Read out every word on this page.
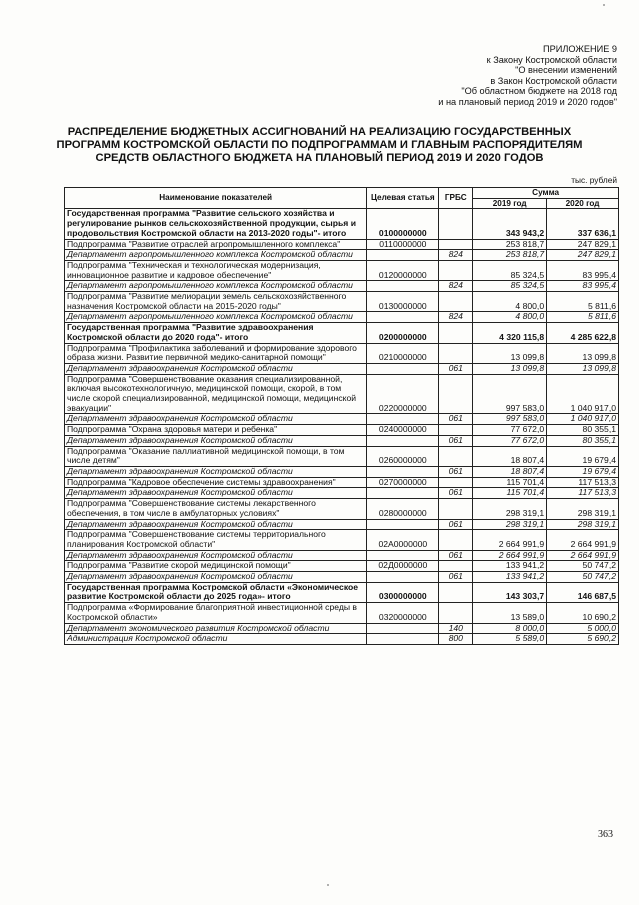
ПРИЛОЖЕНИЕ 9
к Закону Костромской области
"О внесении изменений
в Закон Костромской области
"Об областном бюджете на 2018 год
и на плановый период 2019 и 2020 годов"
РАСПРЕДЕЛЕНИЕ БЮДЖЕТНЫХ АССИГНОВАНИЙ НА РЕАЛИЗАЦИЮ ГОСУДАРСТВЕННЫХ ПРОГРАММ КОСТРОМСКОЙ ОБЛАСТИ ПО ПОДПРОГРАММАМ И ГЛАВНЫМ РАСПОРЯДИТЕЛЯМ СРЕДСТВ ОБЛАСТНОГО БЮДЖЕТА НА ПЛАНОВЫЙ ПЕРИОД 2019 И 2020 ГОДОВ
тыс. рублей
Наименование показателей	Целевая статья	ГРБС	Сумма	
			2019 год	2020 год
Государственная программа "Развитие сельского хозяйства и регулирование рынков сельскохозяйственной продукции, сырья и продовольствия Костромской области на 2013-2020 годы"- итого	0100000000		343 943,2	337 636,1
Подпрограмма "Развитие отраслей агропромышленного комплекса"	0110000000		253 818,7	247 829,1
Департамент агропромышленного комплекса Костромской области		824	253 818,7	247 829,1
Подпрограмма "Техническая и технологическая модернизация, инновационное развитие и кадровое обеспечение"	0120000000		85 324,5	83 995,4
Департамент агропромышленного комплекса Костромской области		824	85 324,5	83 995,4
Подпрограмма "Развитие мелиорации земель сельскохозяйственного назначения Костромской области на 2015-2020 годы"	0130000000		4 800,0	5 811,6
Департамент агропромышленного комплекса Костромской области		824	4 800,0	5 811,6
Государственная программа "Развитие здравоохранения Костромской области до 2020 года"- итого	0200000000		4 320 115,8	4 285 622,8
Подпрограмма "Профилактика заболеваний и формирование здорового образа жизни. Развитие первичной медико-санитарной помощи"	0210000000		13 099,8	13 099,8
Департамент здравоохранения Костромской области		061	13 099,8	13 099,8
Подпрограмма "Совершенствование оказания специализированной, включая высокотехнологичную, медицинской помощи, скорой, в том числе скорой специализированной, медицинской помощи, медицинской эвакуации"	0220000000		997 583,0	1 040 917,0
Департамент здравоохранения Костромской области		061	997 583,0	1 040 917,0
Подпрограмма "Охрана здоровья матери и ребенка"	0240000000		77 672,0	80 355,1
Департамент здравоохранения Костромской области		061	77 672,0	80 355,1
Подпрограмма "Оказание паллиативной медицинской помощи, в том числе детям"	0260000000		18 807,4	19 679,4
Департамент здравоохранения Костромской области		061	18 807,4	19 679,4
Подпрограмма "Кадровое обеспечение системы здравоохранения"	0270000000		115 701,4	117 513,3
Департамент здравоохранения Костромской области		061	115 701,4	117 513,3
Подпрограмма "Совершенствование системы лекарственного обеспечения, в том числе в амбулаторных условиях"	0280000000		298 319,1	298 319,1
Департамент здравоохранения Костромской области		061	298 319,1	298 319,1
Подпрограмма "Совершенствование системы территориального планирования Костромской области"	02А0000000		2 664 991,9	2 664 991,9
Департамент здравоохранения Костромской области		061	2 664 991,9	2 664 991,9
Подпрограмма "Развитие скорой медицинской помощи"	02Д0000000		133 941,2	50 747,2
Департамент здравоохранения Костромской области		061	133 941,2	50 747,2
Государственная программа Костромской области «Экономическое развитие Костромской области до 2025 года»- итого	0300000000		143 303,7	146 687,5
Подпрограмма «Формирование благоприятной инвестиционной среды в Костромской области»	0320000000		13 589,0	10 690,2
Департамент экономического развития Костромской области		140	8 000,0	5 000,0
Администрация Костромской области		800	5 589,0	5 690,2
363
